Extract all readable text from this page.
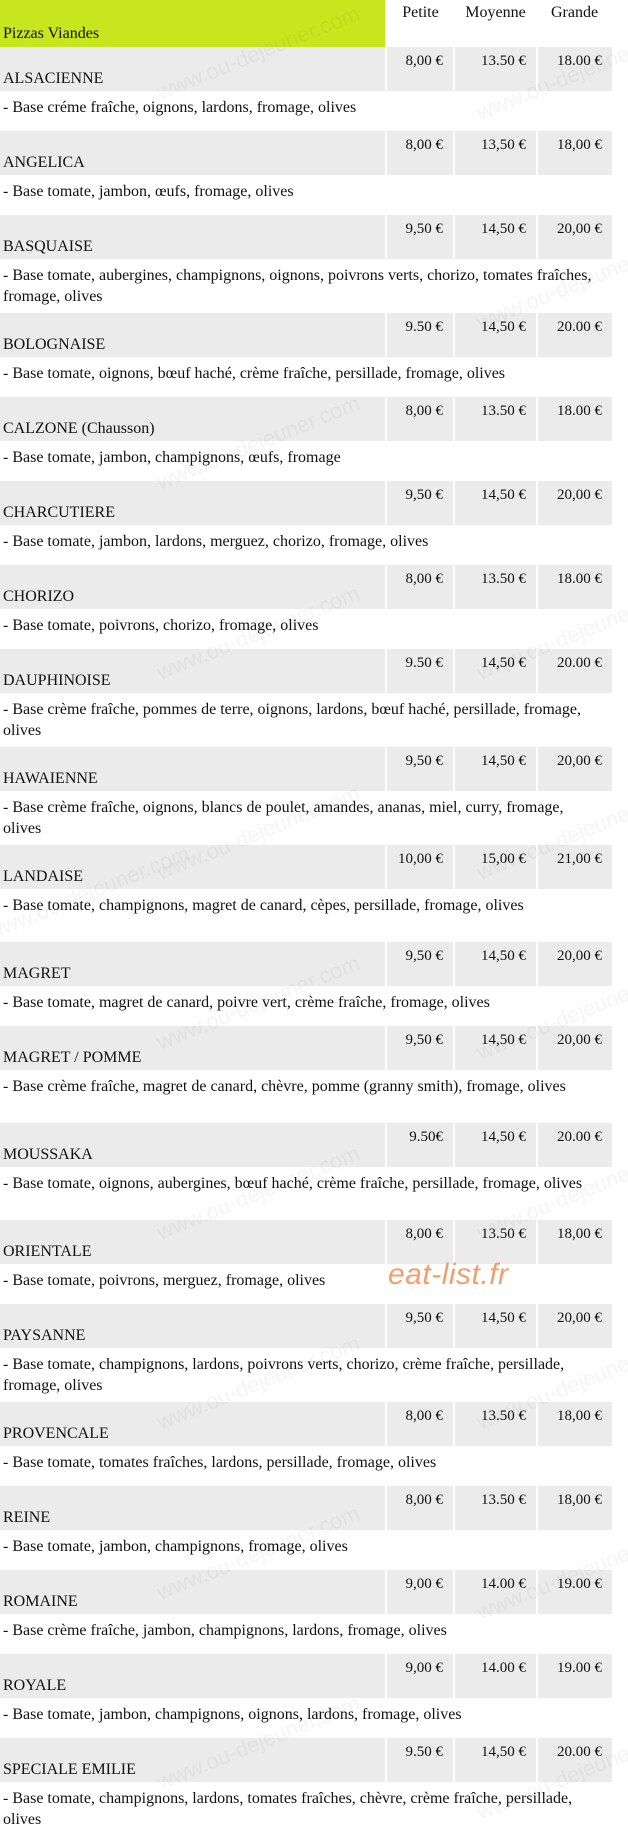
Pizzas Viandes	Petite	Moyenne	Grande
ALSACIENNE	8,00 €	13.50 €	18.00 €
- Base créme fraîche, oignons, lardons, fromage, olives			
ANGELICA	8,00 €	13,50 €	18,00 €
- Base tomate, jambon, œufs, fromage, olives			
BASQUAISE	9,50 €	14,50 €	20,00 €
- Base tomate, aubergines, champignons, oignons, poivrons verts, chorizo, tomates fraîches, fromage, olives			
BOLOGNAISE	9.50 €	14,50 €	20.00 €
- Base tomate, oignons, bœuf haché, crème fraîche, persillade, fromage, olives			
CALZONE (Chausson)	8,00 €	13.50 €	18.00 €
- Base tomate, jambon, champignons, œufs, fromage			
CHARCUTIERE	9,50 €	14,50 €	20,00 €
- Base tomate, jambon, lardons, merguez, chorizo, fromage, olives			
CHORIZO	8,00 €	13.50 €	18.00 €
- Base tomate, poivrons, chorizo, fromage, olives			
DAUPHINOISE	9.50 €	14,50 €	20.00 €
- Base crème fraîche, pommes de terre, oignons, lardons, bœuf haché, persillade, fromage, olives			
HAWAIENNE	9,50 €	14,50 €	20,00 €
- Base crème fraîche, oignons, blancs de poulet, amandes, ananas, miel, curry, fromage, olives			
LANDAISE	10,00 €	15,00 €	21,00 €
- Base tomate, champignons, magret de canard, cèpes, persillade, fromage, olives			
MAGRET	9,50 €	14,50 €	20,00 €
- Base tomate, magret de canard, poivre vert, crème fraîche, fromage, olives			
MAGRET / POMME	9,50 €	14,50 €	20,00 €
- Base crème fraîche, magret de canard, chèvre, pomme (granny smith), fromage, olives			
MOUSSAKA	9.50€	14,50 €	20.00 €
- Base tomate, oignons, aubergines, bœuf haché, crème fraîche, persillade, fromage, olives			
ORIENTALE	8,00 €	13.50 €	18,00 €
- Base tomate, poivrons, merguez, fromage, olives			
PAYSANNE	9,50 €	14,50 €	20,00 €
- Base tomate, champignons, lardons, poivrons verts, chorizo, crème fraîche, persillade, fromage, olives			
PROVENCALE	8,00 €	13.50 €	18,00 €
- Base tomate, tomates fraîches, lardons, persillade, fromage, olives			
REINE	8,00 €	13.50 €	18,00 €
- Base tomate, jambon, champignons, fromage, olives			
ROMAINE	9,00 €	14.00 €	19.00 €
- Base crème fraîche, jambon, champignons, lardons, fromage, olives			
ROYALE	9,00 €	14.00 €	19.00 €
- Base tomate, jambon, champignons, oignons, lardons, fromage, olives			
SPECIALE EMILIE	9.50 €	14,50 €	20.00 €
- Base tomate, champignons, lardons, tomates fraîches, chèvre, crème fraîche, persillade, olives			
eat-list.fr
